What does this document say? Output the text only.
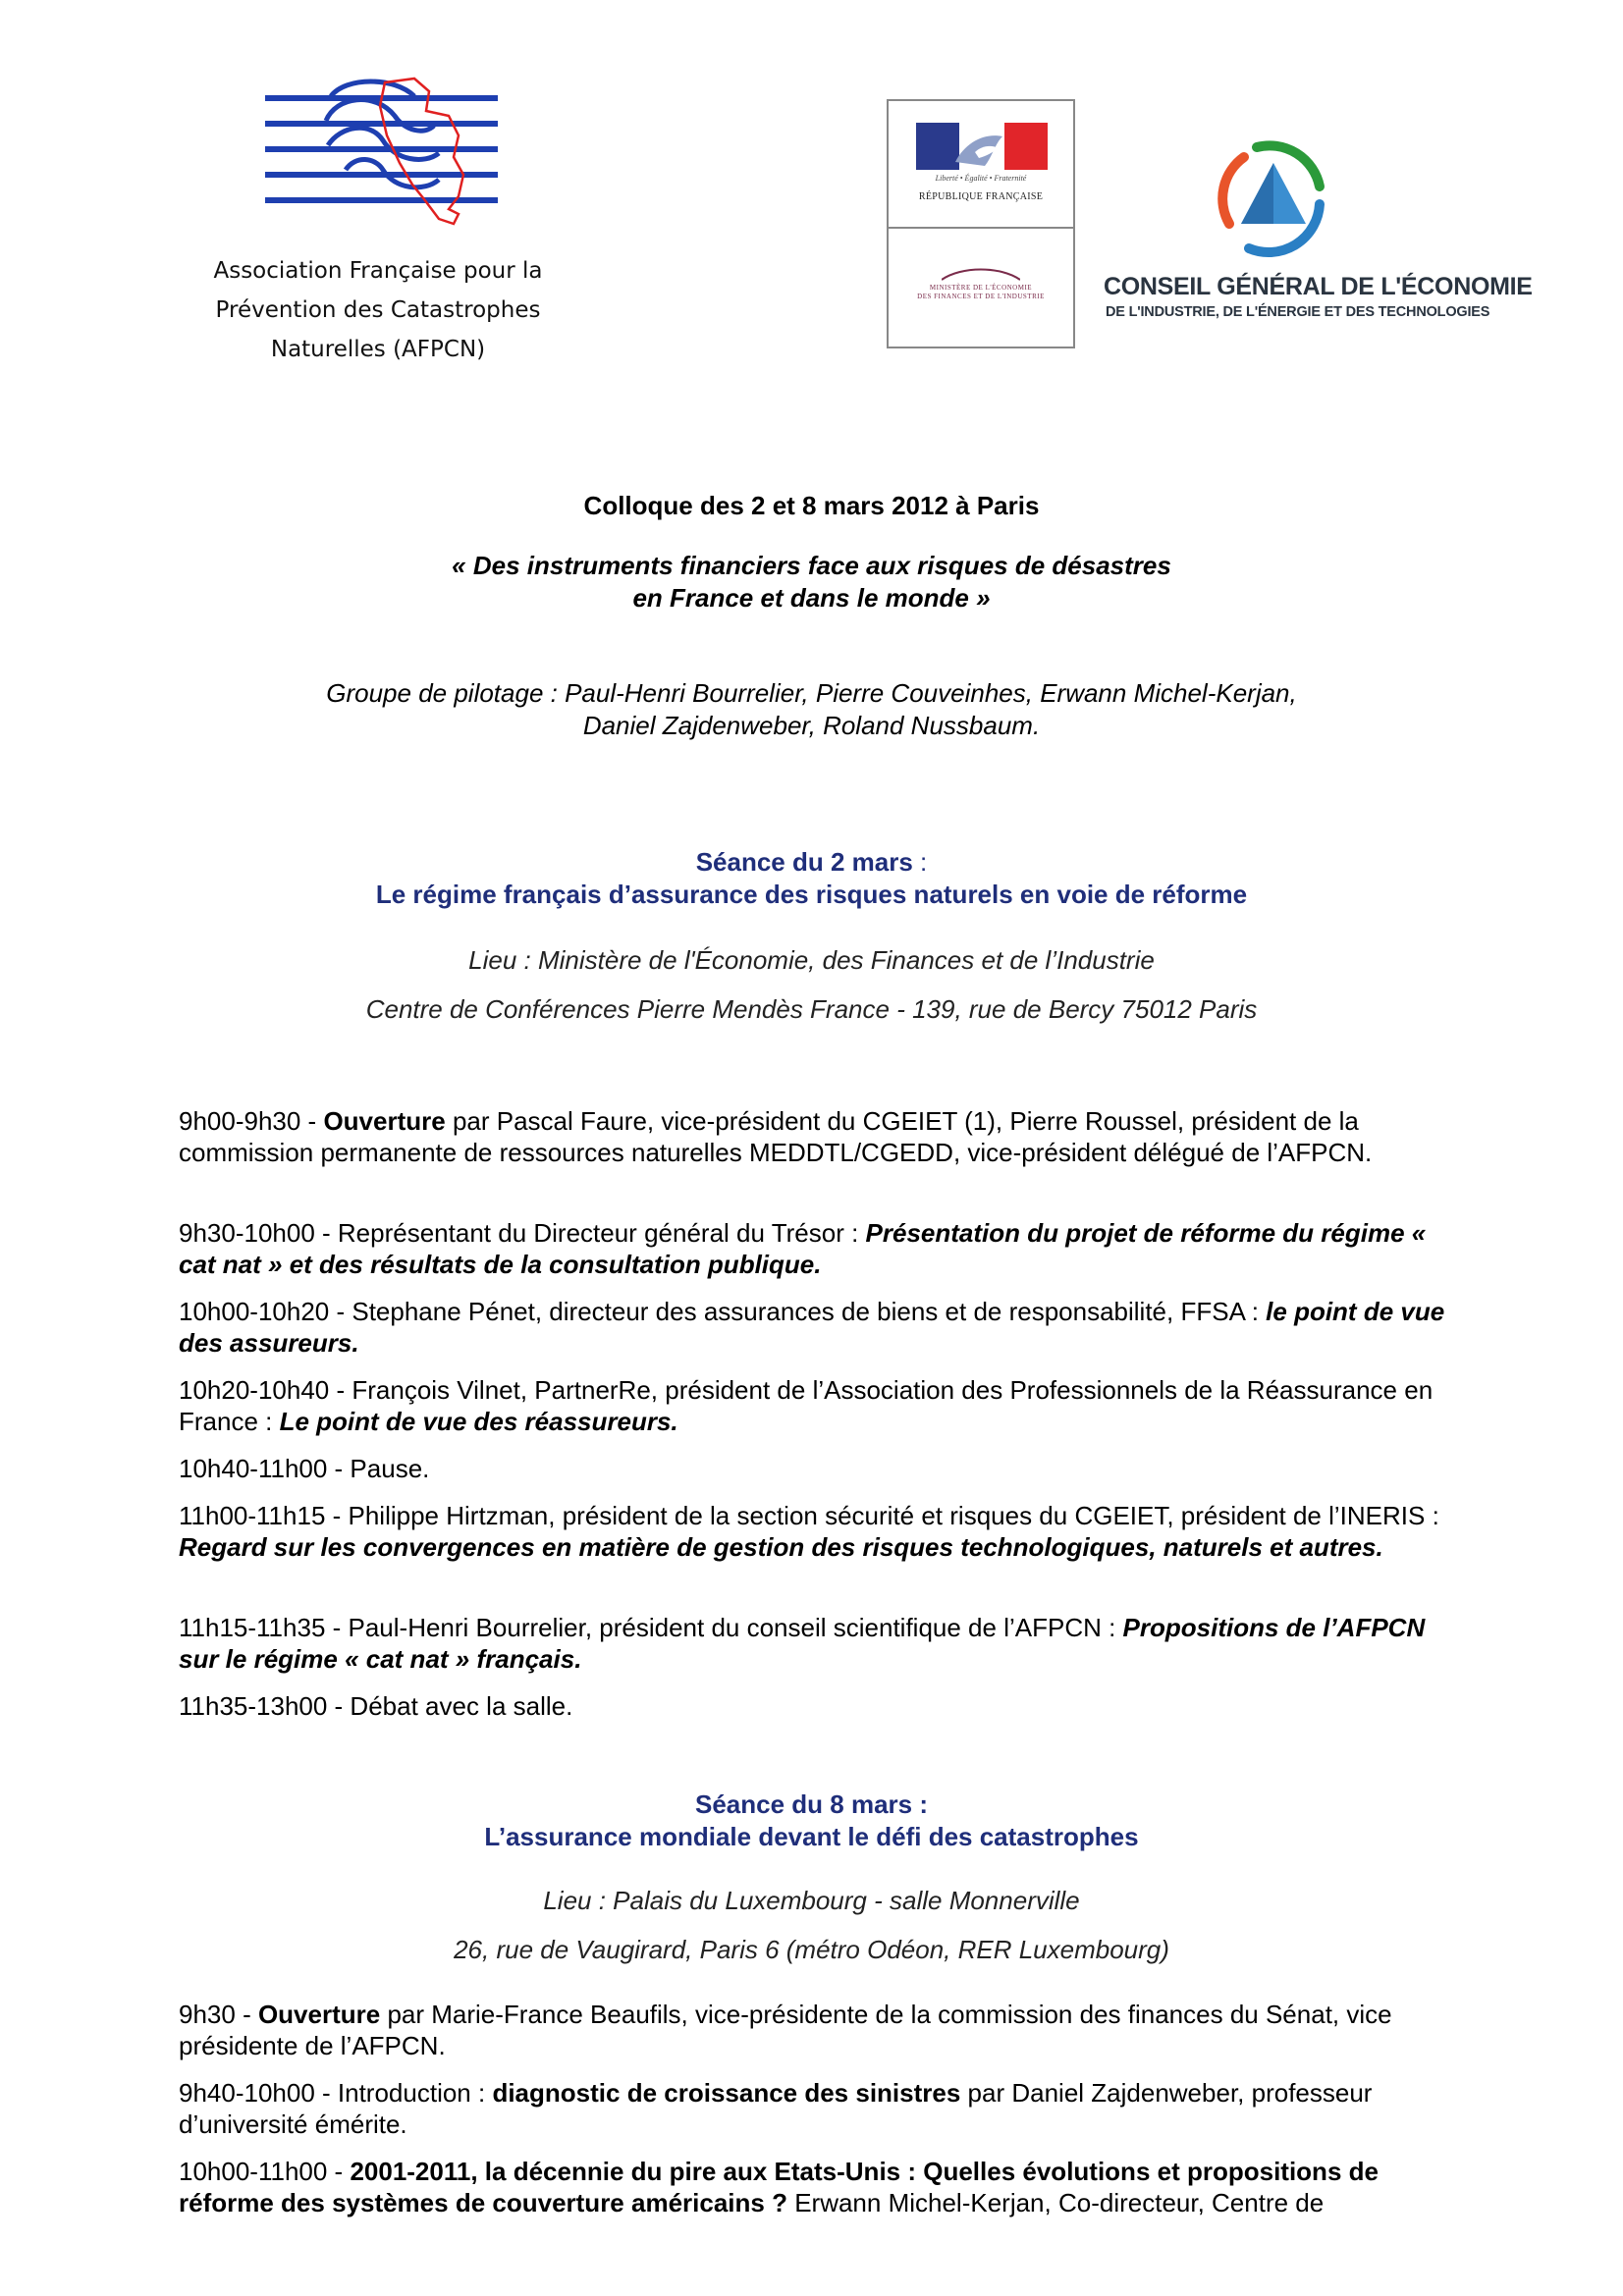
Association Française pour la
Prévention des Catastrophes
Naturelles (AFPCN)
Liberté • Égalité • Fraternité
RÉPUBLIQUE FRANÇAISE
MINISTÈRE DE L'ÉCONOMIE
DES FINANCES ET DE L'INDUSTRIE	CONSEIL GÉNÉRAL DE L'ÉCONOMIE
DE L'INDUSTRIE, DE L'ÉNERGIE ET DES TECHNOLOGIES
Colloque des 2 et 8 mars 2012 à Paris
« Des instruments financiers face aux risques de désastres
en France et dans le monde »
Groupe de pilotage : Paul-Henri Bourrelier, Pierre Couveinhes, Erwann Michel-Kerjan,
Daniel Zajdenweber, Roland Nussbaum.
Séance du 2 mars :
Le régime français d’assurance des risques naturels en voie de réforme
Lieu : Ministère de l'Économie, des Finances et de l’Industrie
Centre de Conférences Pierre Mendès France - 139, rue de Bercy 75012 Paris
9h00-9h30 - Ouverture par Pascal Faure, vice-président du CGEIET (1), Pierre Roussel, président de la commission permanente de ressources naturelles MEDDTL/CGEDD, vice-président délégué de l’AFPCN.
9h30-10h00 - Représentant du Directeur général du Trésor : Présentation du projet de réforme du régime « cat nat » et des résultats de la consultation publique.
10h00-10h20 - Stephane Pénet, directeur des assurances de biens et de responsabilité, FFSA : le point de vue des assureurs.
10h20-10h40 - François Vilnet, PartnerRe, président de l’Association des Professionnels de la Réassurance en France : Le point de vue des réassureurs.
10h40-11h00 - Pause.
11h00-11h15 - Philippe Hirtzman, président de la section sécurité et risques du CGEIET, président de l’INERIS : Regard sur les convergences en matière de gestion des risques technologiques, naturels et autres.
11h15-11h35 - Paul-Henri Bourrelier, président du conseil scientifique de l’AFPCN : Propositions de l’AFPCN sur le régime « cat nat » français.
11h35-13h00 - Débat avec la salle.
Séance du 8 mars :
L’assurance mondiale devant le défi des catastrophes
Lieu : Palais du Luxembourg - salle Monnerville
26, rue de Vaugirard, Paris 6 (métro Odéon, RER Luxembourg)
9h30 - Ouverture par Marie-France Beaufils, vice-présidente de la commission des finances du Sénat, vice présidente de l’AFPCN.
9h40-10h00 - Introduction : diagnostic de croissance des sinistres par Daniel Zajdenweber, professeur d’université émérite.
10h00-11h00 - 2001-2011, la décennie du pire aux Etats-Unis : Quelles évolutions et propositions de réforme des systèmes de couverture américains ? Erwann Michel-Kerjan, Co-directeur, Centre de
